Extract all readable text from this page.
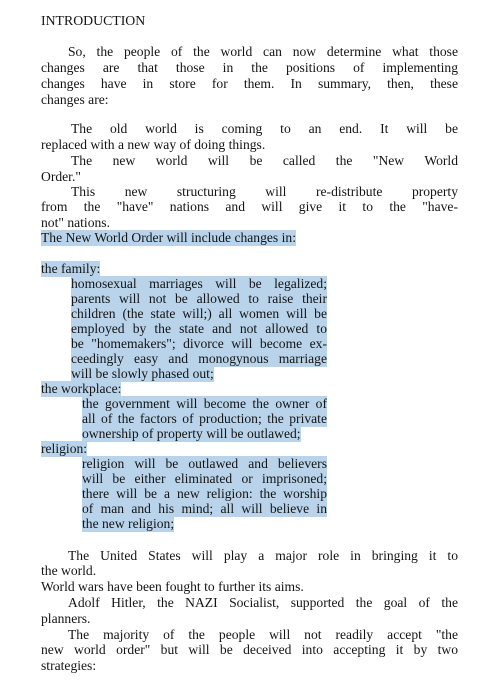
INTRODUCTION
So, the people of the world can now determine what those
changes are that those in the positions of implementing
changes have in store for them. In summary, then, these
changes are:
The old world is coming to an end. It will be
replaced with a new way of doing things.
The new world will be called the "New World
Order."
This new structuring will re-distribute property
from the "have" nations and will give it to the "have-
not" nations.
The New World Order will include changes in:
the family:
homosexual marriages will be legalized;
parents will not be allowed to raise their
children (the state will;) all women will be
employed by the state and not allowed to
be "homemakers"; divorce will become ex-
ceedingly easy and monogynous marriage
will be slowly phased out;
the workplace:
the government will become the owner of
all of the factors of production; the private
ownership of property will be outlawed;
religion:
religion will be outlawed and believers
will be either eliminated or imprisoned;
there will be a new religion: the worship
of man and his mind; all will believe in
the new religion;
The United States will play a major role in bringing it to
the world.
World wars have been fought to further its aims.
Adolf Hitler, the NAZI Socialist, supported the goal of the
planners.
The majority of the people will not readily accept "the
new world order" but will be deceived into accepting it by two
strategies:
